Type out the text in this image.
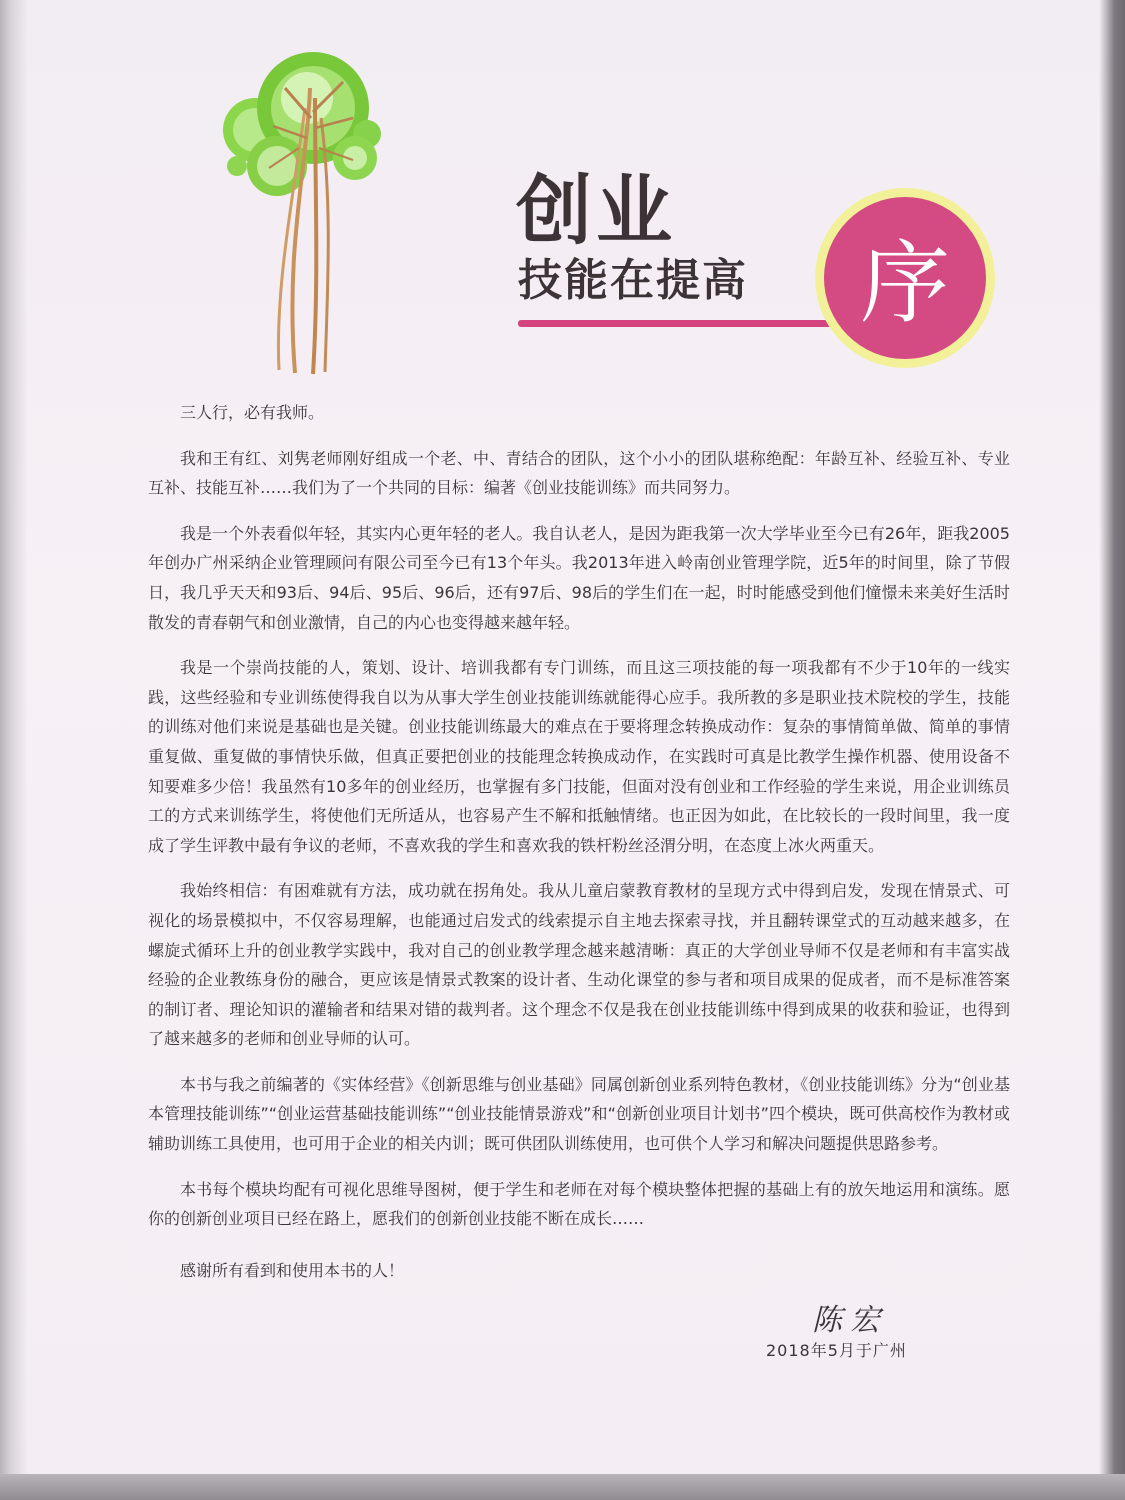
创业
技能在提高 序

三人行，必有我师。

我和王有红、刘隽老师刚好组成一个老、中、青结合的团队，这个小小的团队堪称绝配：年龄互补、经验互补、专业互补、技能互补……我们为了一个共同的目标：编著《创业技能训练》而共同努力。

我是一个外表看似年轻，其实内心更年轻的老人。我自认老人，是因为距我第一次大学毕业至今已有26年，距我2005年创办广州采纳企业管理顾问有限公司至今已有13个年头。我2013年进入岭南创业管理学院，近5年的时间里，除了节假日，我几乎天天和93后、94后、95后、96后，还有97后、98后的学生们在一起，时时能感受到他们憧憬未来美好生活时散发的青春朝气和创业激情，自己的内心也变得越来越年轻。

我是一个崇尚技能的人，策划、设计、培训我都有专门训练，而且这三项技能的每一项我都有不少于10年的一线实践，这些经验和专业训练使得我自以为从事大学生创业技能训练就能得心应手。我所教的多是职业技术院校的学生，技能的训练对他们来说是基础也是关键。创业技能训练最大的难点在于要将理念转换成动作：复杂的事情简单做、简单的事情重复做、重复做的事情快乐做，但真正要把创业的技能理念转换成动作，在实践时可真是比教学生操作机器、使用设备不知要难多少倍！我虽然有10多年的创业经历，也掌握有多门技能，但面对没有创业和工作经验的学生来说，用企业训练员工的方式来训练学生，将使他们无所适从，也容易产生不解和抵触情绪。也正因为如此，在比较长的一段时间里，我一度成了学生评教中最有争议的老师，不喜欢我的学生和喜欢我的铁杆粉丝泾渭分明，在态度上冰火两重天。

我始终相信：有困难就有方法，成功就在拐角处。我从儿童启蒙教育教材的呈现方式中得到启发，发现在情景式、可视化的场景模拟中，不仅容易理解，也能通过启发式的线索提示自主地去探索寻找，并且翻转课堂式的互动越来越多，在螺旋式循环上升的创业教学实践中，我对自己的创业教学理念越来越清晰：真正的大学创业导师不仅是老师和有丰富实战经验的企业教练身份的融合，更应该是情景式教案的设计者、生动化课堂的参与者和项目成果的促成者，而不是标准答案的制订者、理论知识的灌输者和结果对错的裁判者。这个理念不仅是我在创业技能训练中得到成果的收获和验证，也得到了越来越多的老师和创业导师的认可。

本书与我之前编著的《实体经营》《创新思维与创业基础》同属创新创业系列特色教材，《创业技能训练》分为“创业基本管理技能训练”“创业运营基础技能训练”“创业技能情景游戏”和“创新创业项目计划书”四个模块，既可供高校作为教材或辅助训练工具使用，也可用于企业的相关内训；既可供团队训练使用，也可供个人学习和解决问题提供思路参考。

本书每个模块均配有可视化思维导图树，便于学生和老师在对每个模块整体把握的基础上有的放矢地运用和演练。愿你的创新创业项目已经在路上，愿我们的创新创业技能不断在成长……

感谢所有看到和使用本书的人！

陈宏
2018年5月于广州
